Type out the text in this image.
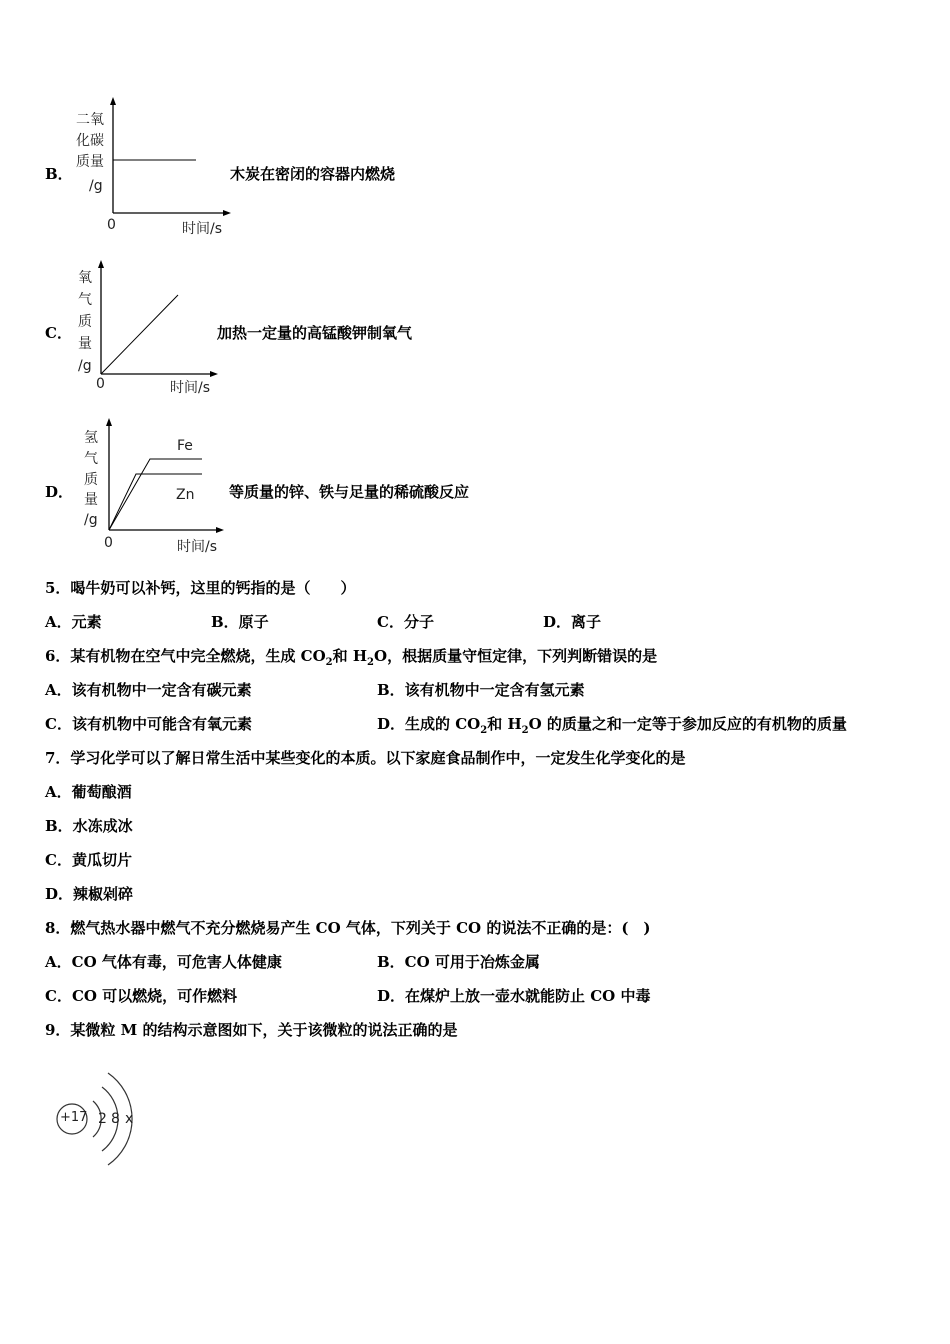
B．
二氧
化碳
质量
/g
0	时间/s
木炭在密闭的容器内燃烧
C．
氧
气
质
量
/g
0	时间/s
加热一定量的高锰酸钾制氧气
D．
氢
气
质
量
/g
Fe
Zn
0	时间/s
等质量的锌、铁与足量的稀硫酸反应
5．喝牛奶可以补钙，这里的钙指的是（　　）
A．元素	B．原子	C．分子	D．离子
6．某有机物在空气中完全燃烧，生成 $CO_2$和 $H_2O$，根据质量守恒定律，下列判断错误的是
A．该有机物中一定含有碳元素	B．该有机物中一定含有氢元素
C．该有机物中可能含有氧元素	D．生成的 $CO_2$和 $H_2O$ 的质量之和一定等于参加反应的有机物的质量
7．学习化学可以了解日常生活中某些变化的本质。以下家庭食品制作中，一定发生化学变化的是
A．葡萄酿酒
B．水冻成冰
C．黄瓜切片
D．辣椒剁碎
8．燃气热水器中燃气不充分燃烧易产生 CO 气体，下列关于 CO 的说法不正确的是：(　)
A．CO 气体有毒，可危害人体健康	B．CO 可用于冶炼金属
C．CO 可以燃烧，可作燃料	D．在煤炉上放一壶水就能防止 CO 中毒
9．某微粒 M 的结构示意图如下，关于该微粒的说法正确的是
+17 2 8 x
